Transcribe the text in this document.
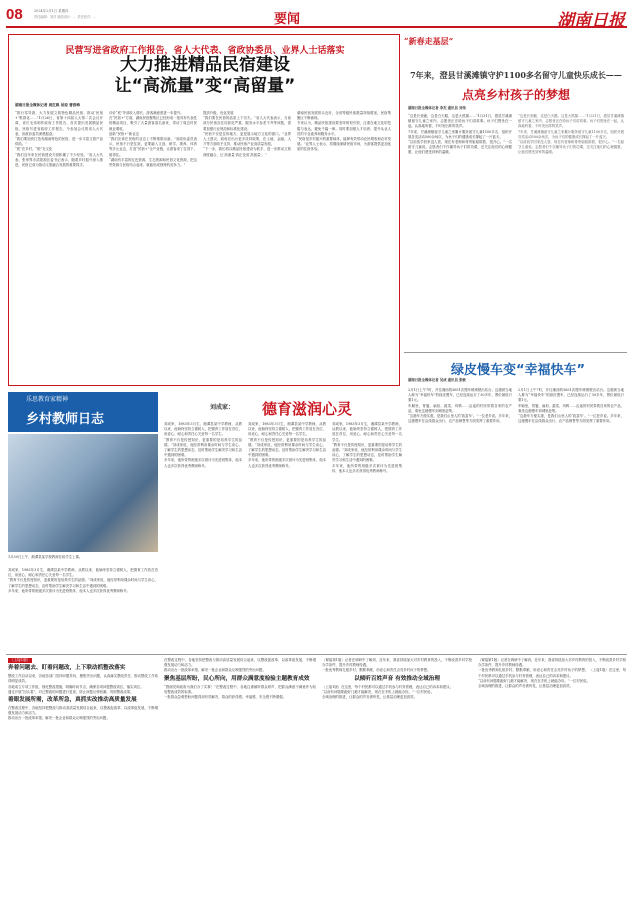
08	2024年2月1日 星期四
责任编辑：刘洋 版面设计：... 责任校对：...	要闻	湖南日报
民营写进省政府工作报告，省人大代表、省政协委员、业界人士话落实
大力推进精品民宿建设
让“高流量”变“高留量”
湖南日报全媒体记者 周红焕 易琼 曹春梅
“推行零导游，大力发展文旅特色精品民宿，推动‘民宿+’集群化……”1月26日，省第十四届人大第二次会议开幕，省长毛伟明作政府工作报告，首次提出发展精品民宿。民宿写进省政府工作报告，令参加会议的省人大代表、省政协委员深感振奋。
“我们要加快打造有湖南特色的民宿，进一步丰富文旅产品供给。”
“底”在乡村，“根”在文化
“我们近年来在民宿建设方面积累了不少经验。”省人大代表、张家界市武陵源区委书记表示，随着乡村振兴深入推进，民宿已成为推动文旅融合发展的重要抓手。
评价“底”外部收入增长，游客满意度进一步提升。
在“民宿+”方面，湖南民宿聚集区已经形成一批具有代表性的精品项目，吸引了大量游客慕名而来，带动了周边村民就业增收。
创新“民宿+”新业态
“我们应该在民宿的业态上不断推陈出新。”省政协委员表示，民宿不只是住宿，更要融入文创、研学、康养、体育等多元业态，打造“民宿+”全产业链，让游客来了住得下、留得住。
“湖南有丰富的红色资源、生态资源和民俗文化资源，把这些资源与民宿结合起来，就能形成独特的竞争力。”
提质升级，优化发展
“我们要在民宿的品质上下功夫。”省人大代表表示，当前部分民宿存在同质化严重、服务水平参差不齐等问题，需要加强行业规范和标准化建设。
“民宿不仅是住的地方，更是展示地方文化的窗口。”业界人士建议，政府应出台更多扶持政策，在土地、金融、人才等方面给予支持，推动民宿产业高质量发展。
“下一步，我们将以精品民宿建设为抓手，进一步推动文旅深度融合，让‘高流量’真正变成‘高留量’。”
湖南民宿发展势头良好，全省等级民宿数量持续增加，民宿集聚区不断涌现。
专家认为，精品民宿建设要坚持规划引领，注重在地文化的挖掘与表达，避免千篇一律。同时要加强人才培养，提升从业人员的专业素养和服务水平。
“民宿是乡村振兴的重要载体，能够有效带动农民增收和农村发展。”业界人士表示，将继续深耕民宿市场，为游客提供更加优质的住宿体验。
“新春走基层”
7年来，澄县甘溪滩镇守护1100多名留守儿童快乐成长——
点亮乡村孩子的梦想
湖南日报全媒体记者 李杰 通讯员 刘伟
“这是长颈鹿，这是白天鹅，这是大熊猫……”1月31日，澄县甘溪滩镇留守儿童之家内，志愿者正在给孩子们讲故事。孩子们围坐在一起，认真地听着，不时发出阵阵笑声。
7年来，甘溪滩镇留守儿童之家累计服务留守儿童1100多名，组织开展各类活动500余场次，为孩子们的健康成长撑起了一片蓝天。
“以前放学回家没人管，现在有老师和哥哥姐姐陪着，很开心。”一名留守儿童说。志愿者们不仅辅导孩子们的功课，还关注他们的心理健康，让他们感受到家的温暖。
“这是长颈鹿，这是白天鹅，这是大熊猫……”1月31日，澄县甘溪滩镇留守儿童之家内，志愿者正在给孩子们讲故事。孩子们围坐在一起，认真地听着，不时发出阵阵笑声。
7年来，甘溪滩镇留守儿童之家累计服务留守儿童1100多名，组织开展各类活动500余场次，为孩子们的健康成长撑起了一片蓝天。
“以前放学回家没人管，现在有老师和哥哥姐姐陪着，很开心。”一名留守儿童说。志愿者们不仅辅导孩子们的功课，还关注他们的心理健康，让他们感受到家的温暖。
乐思教育家精神
乡村教师日志
1月30日上午，湘潭县某学校教师在给学生上课。
刘成家： 德育滋润心灵
刘成家，1983年3月生，湘潭县某中学教师，从教以来，他始终坚持立德树人，把德育工作放在首位，用爱心、耐心和责任心关爱每一名学生。
“教育不仅是传授知识，更重要的是培养学生的品德。”刘成家说，他经常利用课余时间与学生谈心，了解学生的思想动态，及时帮助学生解决学习和生活中遇到的困难。
多年来，他所带的班级多次被评为先进班集体，他本人也多次获得优秀教师称号。
刘成家，1983年3月生，湘潭县某中学教师，从教以来，他始终坚持立德树人，把德育工作放在首位，用爱心、耐心和责任心关爱每一名学生。
“教育不仅是传授知识，更重要的是培养学生的品德。”刘成家说，他经常利用课余时间与学生谈心，了解学生的思想动态，及时帮助学生解决学习和生活中遇到的困难。
多年来，他所带的班级多次被评为先进班集体，他本人也多次获得优秀教师称号。
刘成家，1983年3月生，湘潭县某中学教师，从教以来，他始终坚持立德树人，把德育工作放在首位，用爱心、耐心和责任心关爱每一名学生。
“教育不仅是传授知识，更重要的是培养学生的品德。”刘成家说，他经常利用课余时间与学生谈心，了解学生的思想动态，及时帮助学生解决学习和生活中遇到的困难。
多年来，他所带的班级多次被评为先进班集体，他本人也多次获得优秀教师称号。
刘成家，1983年3月生，湘潭县某中学教师，从教以来，他始终坚持立德树人，把德育工作放在首位，用爱心、耐心和责任心关爱每一名学生。
“教育不仅是传授知识，更重要的是培养学生的品德。”刘成家说，他经常利用课余时间与学生谈心，了解学生的思想动态，及时帮助学生解决学习和生活中遇到的困难。
多年来，他所带的班级多次被评为先进班集体，他本人也多次获得优秀教师称号。
绿皮慢车变“幸福快车”
湖南日报全媒体记者 吴成 通讯员 张敏
2月1日上午7时，开往湘西的5651次慢车缓缓驶出站台。这趟被当地人称为“幸福快车”的绿皮慢车，已经连续运行了30多年，票价最低只要1元。
车厢里，背篓、扁担、蔬菜、鸡鸭……沿途的村民带着自家的农产品，乘坐这趟慢车到城里赶集。
“这趟车方便实惠，是我们山里人的‘致富车’。”一位老乡说。多年来，这趟慢车在沿线群众出行、农产品销售等方面发挥了重要作用。
2月1日上午7时，开往湘西的5651次慢车缓缓驶出站台。这趟被当地人称为“幸福快车”的绿皮慢车，已经连续运行了30多年，票价最低只要1元。
车厢里，背篓、扁担、蔬菜、鸡鸭……沿途的村民带着自家的农产品，乘坐这趟慢车到城里赶集。
“这趟车方便实惠，是我们山里人的‘致富车’。”一位老乡说。多年来，这趟慢车在沿线群众出行、农产品销售等方面发挥了重要作用。
（上接1版）
奔着问题去、盯着问题改，上下联动抓整改落实
整改工作启动以来，各地各部门坚持问题导向，聚焦突出问题，认真落实整改责任，推动整改工作取得明显成效。
各地成立专项工作组，细化整改措施，明确时间节点，确保各项问题整改到位、落实到位。
通过开展“回头看”，对已整改的问题进行复查，防止问题反弹回潮，巩固整改成果。
着眼发展所需，改革所急，真抓实改推动高质量发展
在整改过程中，各地坚持把整改与推动高质量发展结合起来，以整改促改革、以改革促发展，不断增强发展动力和活力。
推动出台一批改革举措，解决一批企业和群众反映强烈的突出问题。
在整改过程中，各地坚持把整改与推动高质量发展结合起来，以整改促改革、以改革促发展，不断增强发展动力和活力。
推动出台一批改革举措，解决一批企业和群众反映强烈的突出问题。
聚焦基层所盼，民心所向，用群众满意度检验主题教育成效
“感谢党和政府为我们办了实事！”在整改过程中，各地注重倾听群众呼声，把群众满意不满意作为检验整改成效的标准。
一批群众急难愁盼问题得到有效解决，群众的获得感、幸福感、安全感不断增强。
（紧接第1版）记者在调研中了解到，近年来，我省持续加大对乡村教育的投入，不断改善乡村学校办学条件，提升乡村教师待遇。
一批优秀教师扎根乡村，默默奉献，用爱心和责任点亮乡村孩子的梦想。
以倾听百姓声音 有效推动全域治理
（上接1版）在这里，每个村民都可以通过手机参与村务管理，表达自己的诉求和建议。
“以前有问题要跑好几趟才能解决，现在在手机上就能办好。”一位村民说。
全域治理的推进，让群众的声音被听见，让基层治理更加高效。
（紧接第1版）记者在调研中了解到，近年来，我省持续加大对乡村教育的投入，不断改善乡村学校办学条件，提升乡村教师待遇。
一批优秀教师扎根乡村，默默奉献，用爱心和责任点亮乡村孩子的梦想。 （上接1版）在这里，每个村民都可以通过手机参与村务管理，表达自己的诉求和建议。
“以前有问题要跑好几趟才能解决，现在在手机上就能办好。”一位村民说。
全域治理的推进，让群众的声音被听见，让基层治理更加高效。
